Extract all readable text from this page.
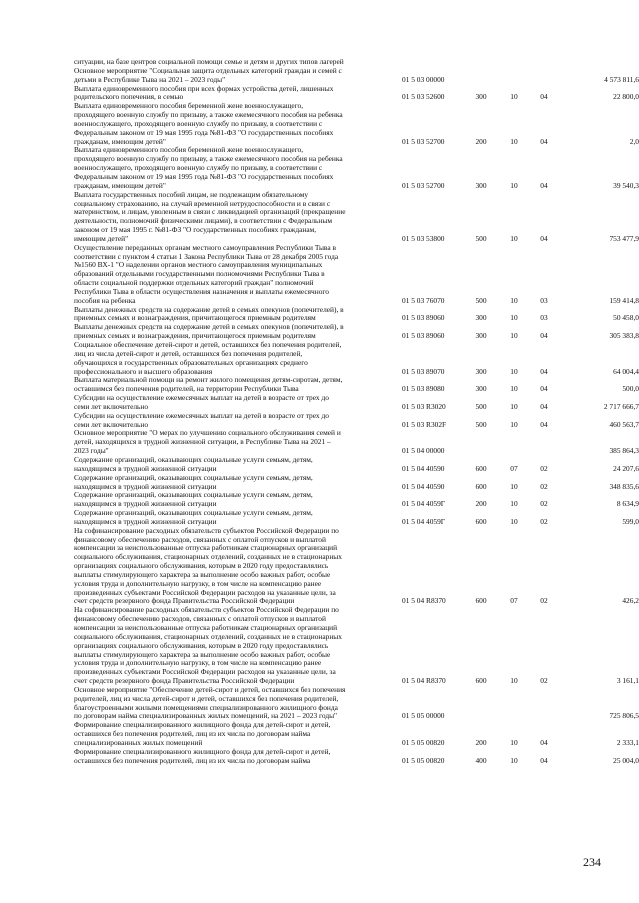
ситуации, на базе центров социальной помощи семье и детям и других типов лагерей
Основное мероприятие "Социальная защита отдельных категорий граждан и семей с
детьми в Республике Тыва на 2021 – 2023 годы"	01 5 03 00000	4 573 811,6
Выплата единовременного пособия при всех формах устройства детей, лишенных
родительского попечения, в семью	01 5 03 52600	300	10	04	22 800,0
Выплата единовременного пособия беременной жене военнослужащего,
проходящего военную службу по призыву, а также ежемесячного пособия на ребенка
военнослужащего, проходящего военную службу по призыву, в соответствии с
Федеральным законом от 19 мая 1995 года №81-ФЗ "О государственных пособиях
гражданам, имеющим детей"	01 5 03 52700	200	10	04	2,0
Выплата единовременного пособия беременной жене военнослужащего,
проходящего военную службу по призыву, а также ежемесячного пособия на ребенка
военнослужащего, проходящего военную службу по призыву, в соответствии с
Федеральным законом от 19 мая 1995 года №81-ФЗ "О государственных пособиях
гражданам, имеющим детей"	01 5 03 52700	300	10	04	39 540,3
Выплата государственных пособий лицам, не подлежащим обязательному
социальному страхованию, на случай временной нетрудоспособности и в связи с
материнством, и лицам, уволенным в связи с ликвидацией организаций (прекращение
деятельности, полномочий физическими лицами), в соответствии с Федеральным
законом от 19 мая 1995 г. №81-ФЗ "О государственных пособиях гражданам,
имеющим детей"	01 5 03 53800	500	10	04	753 477,9
Осуществление переданных органам местного самоуправления Республики Тыва в
соответствии с пунктом 4 статьи 1 Закона Республики Тыва от 28 декабря 2005 года
№1560 ВХ-1 "О наделении органов местного самоуправления муниципальных
образований отдельными государственными полномочиями Республики Тыва в
области социальной поддержки отдельных категорий граждан" полномочий
Республики Тыва в области осуществления назначения и выплаты ежемесячного
пособия на ребенка	01 5 03 76070	500	10	03	159 414,8
Выплаты денежных средств на содержание детей в семьях опекунов (попечителей), в
приемных семьях и вознаграждения, причитающегося приемным родителям	01 5 03 89060	300	10	03	50 458,0
Выплаты денежных средств на содержание детей в семьях опекунов (попечителей), в
приемных семьях и вознаграждения, причитающегося приемным родителям	01 5 03 89060	300	10	04	305 383,8
Социальное обеспечение детей-сирот и детей, оставшихся без попечения родителей,
лиц из числа детей-сирот и детей, оставшихся без попечения родителей,
обучающихся в государственных образовательных организациях среднего
профессионального и высшего образования	01 5 03 89070	300	10	04	64 004,4
Выплата материальной помощи на ремонт жилого помещения детям-сиротам, детям,
оставшимся без попечения родителей, на территории Республики Тыва	01 5 03 89080	300	10	04	500,0
Субсидии на осуществление ежемесячных выплат на детей в возрасте от трех до
семи лет включительно	01 5 03 R3020	500	10	04	2 717 666,7
Субсидии на осуществление ежемесячных выплат на детей в возрасте от трех до
семи лет включительно	01 5 03 R302F	500	10	04	460 563,7
Основное мероприятие "О мерах по улучшению социального обслуживания семей и
детей, находящихся в трудной жизненной ситуации, в Республике Тыва на 2021 –
2023 годы"	01 5 04 00000	385 864,3
Содержание организаций, оказывающих социальные услуги семьям, детям,
находящимся в трудной жизненной ситуации	01 5 04 40590	600	07	02	24 207,6
Содержание организаций, оказывающих социальные услуги семьям, детям,
находящимся в трудной жизненной ситуации	01 5 04 40590	600	10	02	348 835,6
Содержание организаций, оказывающих социальные услуги семьям, детям,
находящимся в трудной жизненной ситуации	01 5 04 4059Г	200	10	02	8 634,9
Содержание организаций, оказывающих социальные услуги семьям, детям,
находящимся в трудной жизненной ситуации	01 5 04 4059Г	600	10	02	599,0
На софинансирование расходных обязательств субъектов Российской Федерации по
финансовому обеспечению расходов, связанных с оплатой отпусков и выплатой
компенсации за неиспользованные отпуска работникам стационарных организаций
социального обслуживания, стационарных отделений, созданных не в стационарных
организациях социального обслуживания, которым в 2020 году предоставлялись
выплаты стимулирующего характера за выполнение особо важных работ, особые
условия труда и дополнительную нагрузку, в том числе на компенсацию ранее
произведенных субъектами Российской Федерации расходов на указанные цели, за
счет средств резервного фонда Правительства Российской Федерации	01 5 04 R8370	600	07	02	426,2
На софинансирование расходных обязательств субъектов Российской Федерации по
финансовому обеспечению расходов, связанных с оплатой отпусков и выплатой
компенсации за неиспользованные отпуска работникам стационарных организаций
социального обслуживания, стационарных отделений, созданных не в стационарных
организациях социального обслуживания, которым в 2020 году предоставлялись
выплаты стимулирующего характера за выполнение особо важных работ, особые
условия труда и дополнительную нагрузку, в том числе на компенсацию ранее
произведенных субъектами Российской Федерации расходов на указанные цели, за
счет средств резервного фонда Правительства Российской Федерации	01 5 04 R8370	600	10	02	3 161,1
Основное мероприятие "Обеспечение детей-сирот и детей, оставшихся без попечения
родителей, лиц из числа детей-сирот и детей, оставшихся без попечения родителей,
благоустроенными жилыми помещениями специализированного жилищного фонда
по договорам найма специализированных жилых помещений, на 2021 – 2023 годы"	01 5 05 00000	725 806,5
Формирование специализированного жилищного фонда для детей-сирот и детей,
оставшихся без попечения родителей, лиц из их числа по договорам найма
специализированных жилых помещений	01 5 05 00820	200	10	04	2 333,1
Формирование специализированного жилищного фонда для детей-сирот и детей,
оставшихся без попечения родителей, лиц из их числа по договорам найма	01 5 05 00820	400	10	04	25 004,0
234
